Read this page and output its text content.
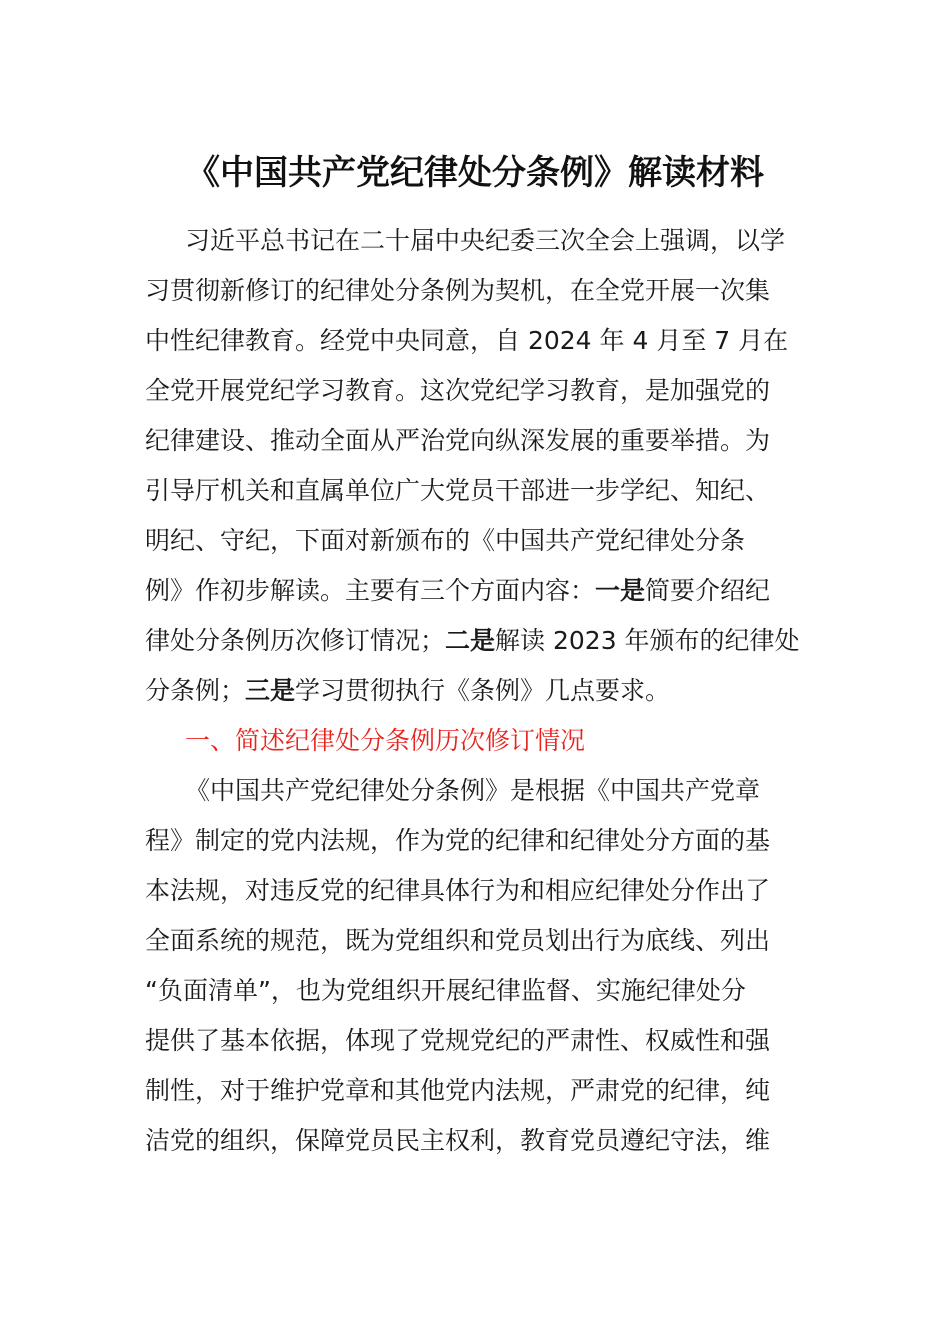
《中国共产党纪律处分条例》解读材料
习近平总书记在二十届中央纪委三次全会上强调，以学
习贯彻新修订的纪律处分条例为契机，在全党开展一次集
中性纪律教育。经党中央同意，自 2024 年 4 月至 7 月在
全党开展党纪学习教育。这次党纪学习教育，是加强党的
纪律建设、推动全面从严治党向纵深发展的重要举措。为
引导厅机关和直属单位广大党员干部进一步学纪、知纪、
明纪、守纪，下面对新颁布的《中国共产党纪律处分条
例》作初步解读。主要有三个方面内容：一是简要介绍纪
律处分条例历次修订情况；二是解读 2023 年颁布的纪律处
分条例；三是学习贯彻执行《条例》几点要求。
一、简述纪律处分条例历次修订情况
《中国共产党纪律处分条例》是根据《中国共产党章
程》制定的党内法规，作为党的纪律和纪律处分方面的基
本法规，对违反党的纪律具体行为和相应纪律处分作出了
全面系统的规范，既为党组织和党员划出行为底线、列出
“负面清单”，也为党组织开展纪律监督、实施纪律处分
提供了基本依据，体现了党规党纪的严肃性、权威性和强
制性，对于维护党章和其他党内法规，严肃党的纪律，纯
洁党的组织，保障党员民主权利，教育党员遵纪守法，维
